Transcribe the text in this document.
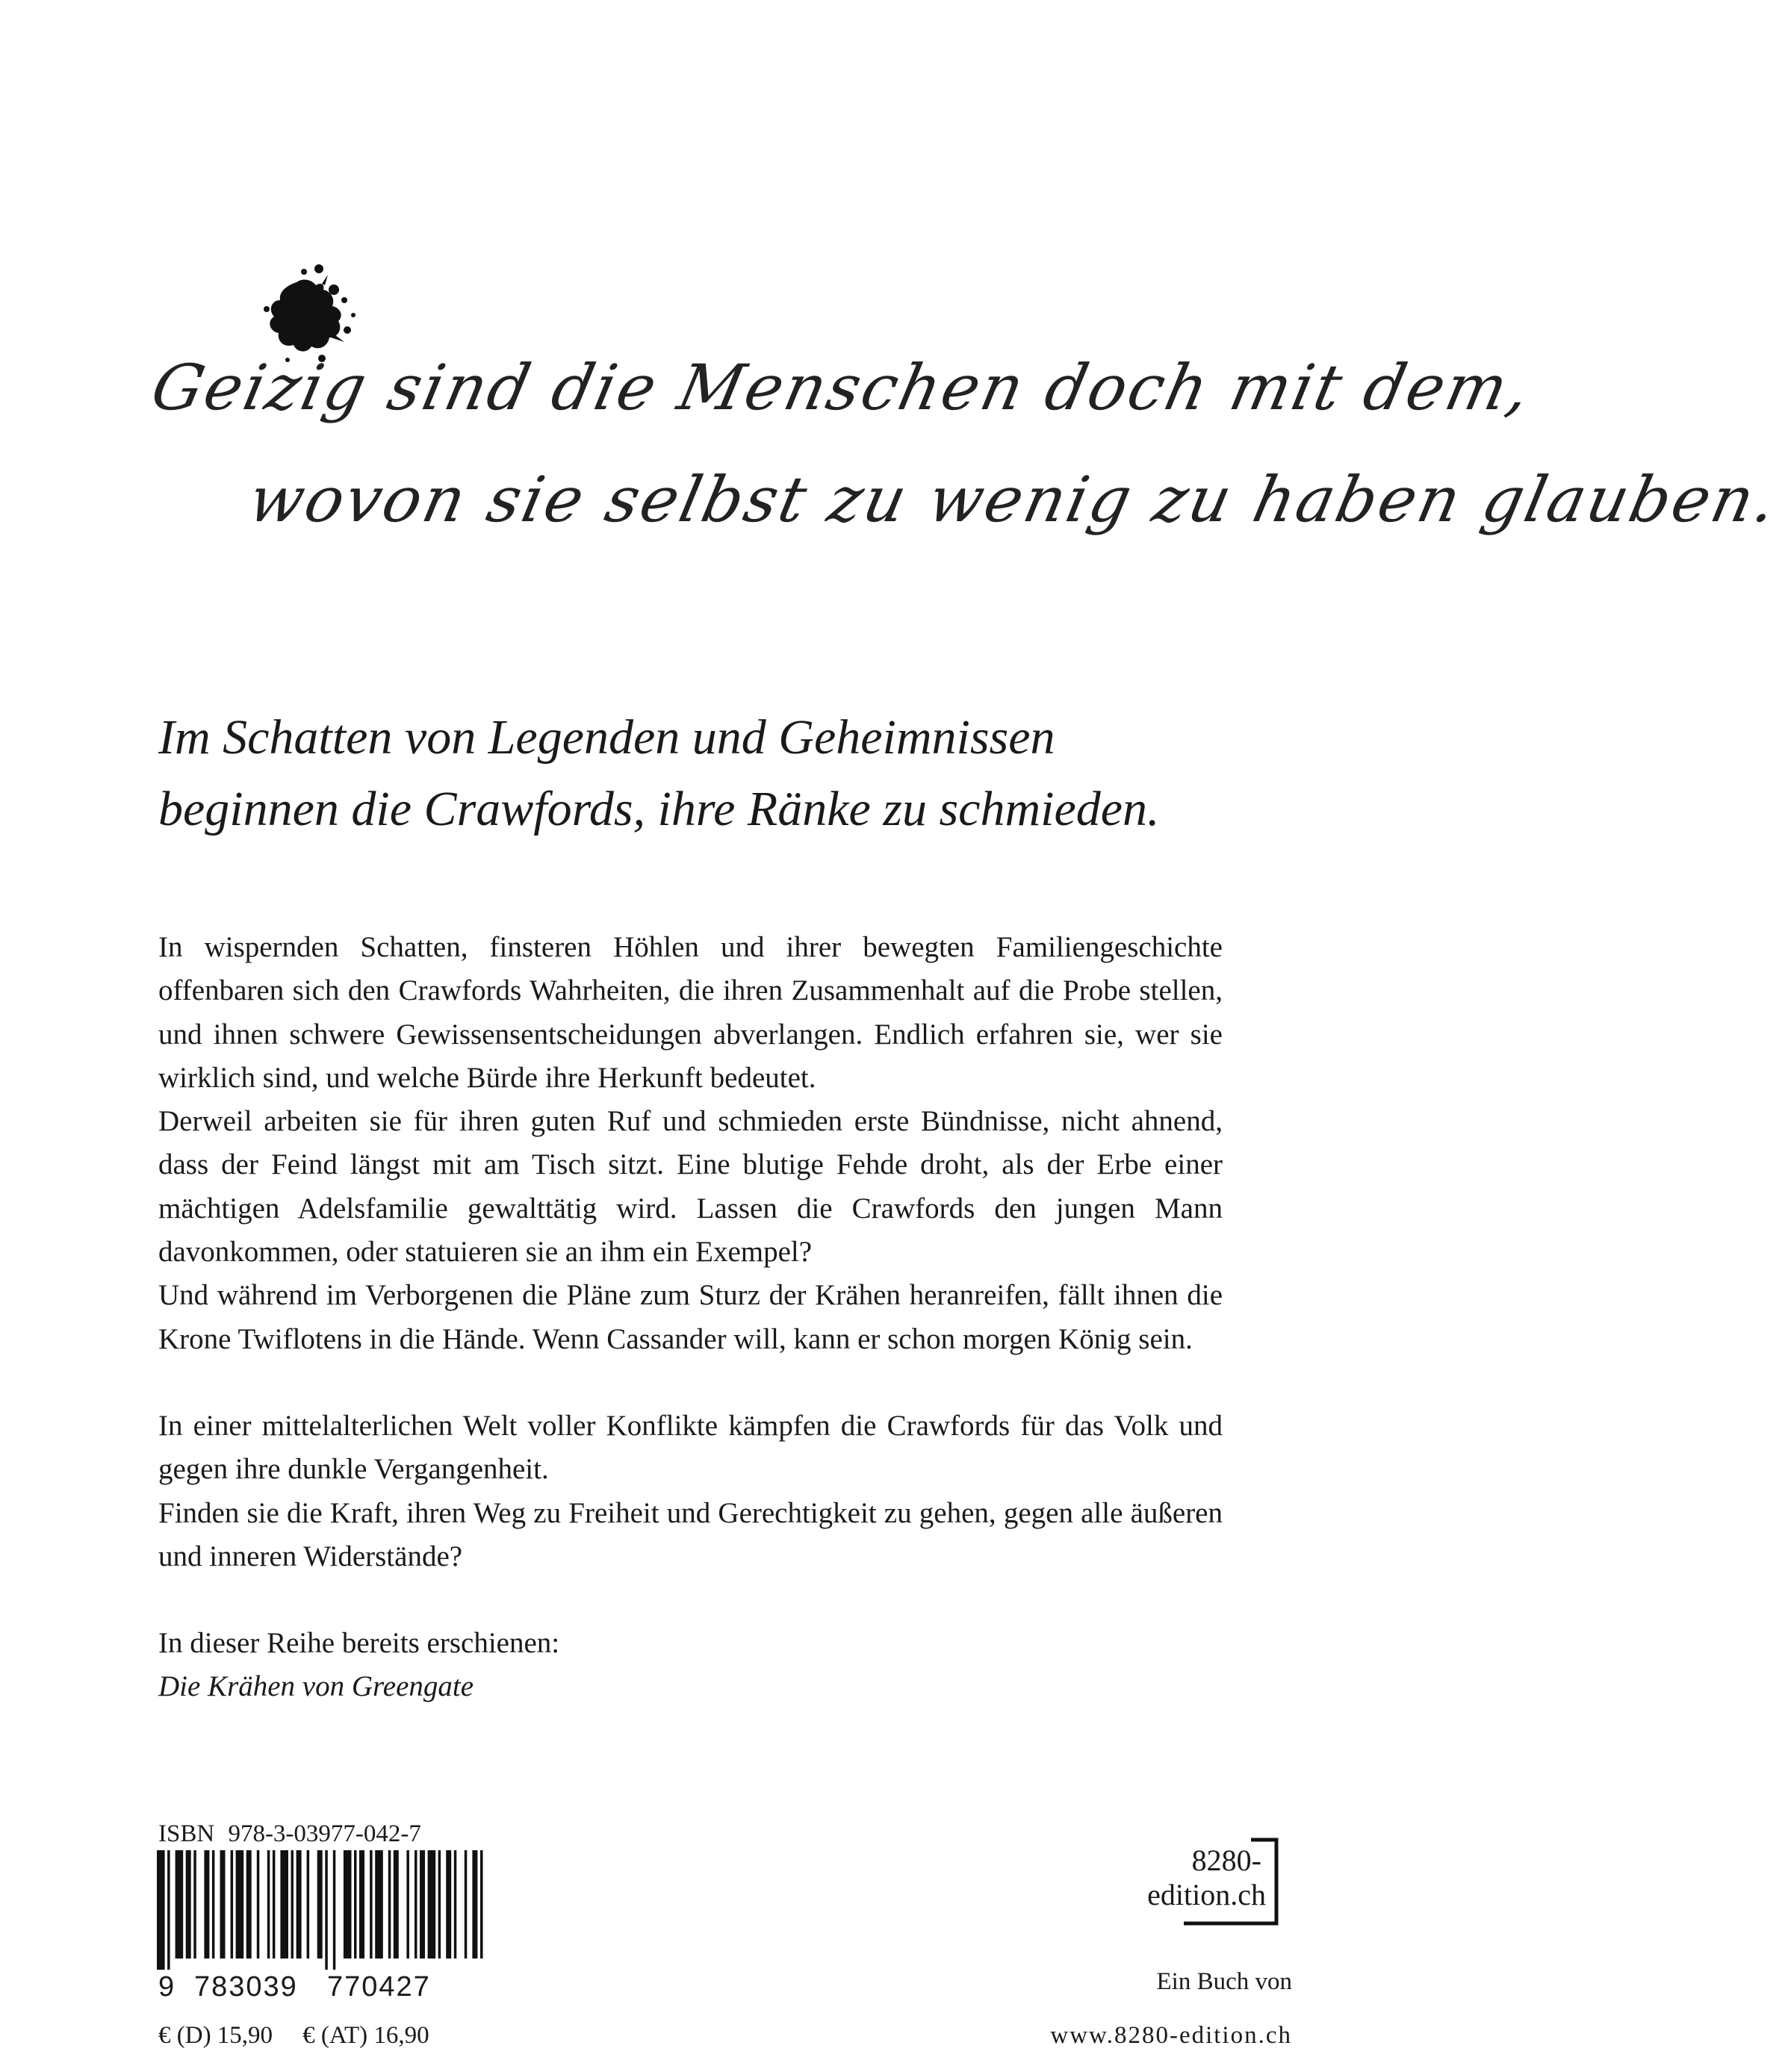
Geizig sind die Menschen doch mit dem,
wovon sie selbst zu wenig zu haben glauben.
Im Schatten von Legenden und Geheimnissen
beginnen die Crawfords, ihre Ränke zu schmieden.

In wispernden Schatten, finsteren Höhlen und ihrer bewegten Familiengeschichte offenbaren sich den Crawfords Wahrheiten, die ihren Zusammenhalt auf die Probe stellen, und ihnen schwere Gewissensentscheidungen abverlangen. Endlich erfahren sie, wer sie wirklich sind, und welche Bürde ihre Herkunft bedeutet.

Derweil arbeiten sie für ihren guten Ruf und schmieden erste Bündnisse, nicht ahnend, dass der Feind längst mit am Tisch sitzt. Eine blutige Fehde droht, als der Erbe einer mächtigen Adelsfamilie gewalttätig wird. Lassen die Crawfords den jungen Mann davonkommen, oder statuieren sie an ihm ein Exempel?

Und während im Verborgenen die Pläne zum Sturz der Krähen heranreifen, fällt ihnen die Krone Twiflotens in die Hände. Wenn Cassander will, kann er schon morgen König sein.

In einer mittelalterlichen Welt voller Konflikte kämpfen die Crawfords für das Volk und gegen ihre dunkle Vergangenheit.

Finden sie die Kraft, ihren Weg zu Freiheit und Gerechtigkeit zu gehen, gegen alle äußeren und inneren Widerstände?

In dieser Reihe bereits erschienen:

Die Krähen von Greengate

ISBN 978-3-03977-042-7
9 783039 770427
€ (D) 15,90 € (AT) 16,90
8280-
edition.ch
Ein Buch von
www.8280-edition.ch
